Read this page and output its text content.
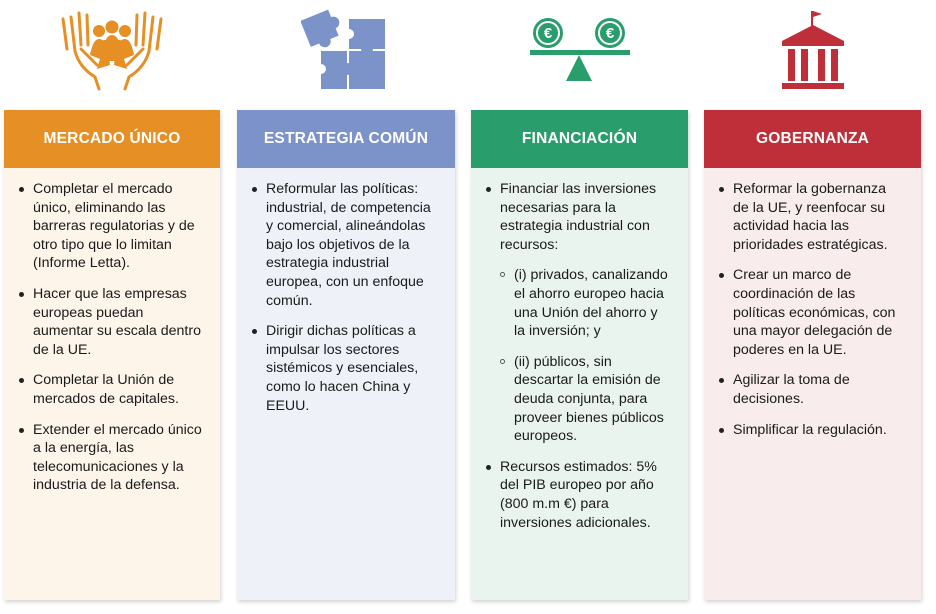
€	€
MERCADO ÚNICO
Completar el mercado único, eliminando las barreras regulatorias y de otro tipo que lo limitan (Informe Letta).
Hacer que las empresas europeas puedan aumentar su escala dentro de la UE.
Completar la Unión de mercados de capitales.
Extender el mercado único a la energía, las telecomunicaciones y la industria de la defensa.
ESTRATEGIA COMÚN
Reformular las políticas: industrial, de competencia y comercial, alineándolas bajo los objetivos de la estrategia industrial europea, con un enfoque común.
Dirigir dichas políticas a impulsar los sectores sistémicos y esenciales, como lo hacen China y EEUU.
FINANCIACIÓN
Financiar las inversiones necesarias para la estrategia industrial con recursos:
(i) privados, canalizando el ahorro europeo hacia una Unión del ahorro y la inversión; y
(ii) públicos, sin descartar la emisión de deuda conjunta, para proveer bienes públicos europeos.
Recursos estimados: 5% del PIB europeo por año (800 m.m €) para inversiones adicionales.
GOBERNANZA
Reformar la gobernanza de la UE, y reenfocar su actividad hacia las prioridades estratégicas.
Crear un marco de coordinación de las políticas económicas, con una mayor delegación de poderes en la UE.
Agilizar la toma de decisiones.
Simplificar la regulación.
